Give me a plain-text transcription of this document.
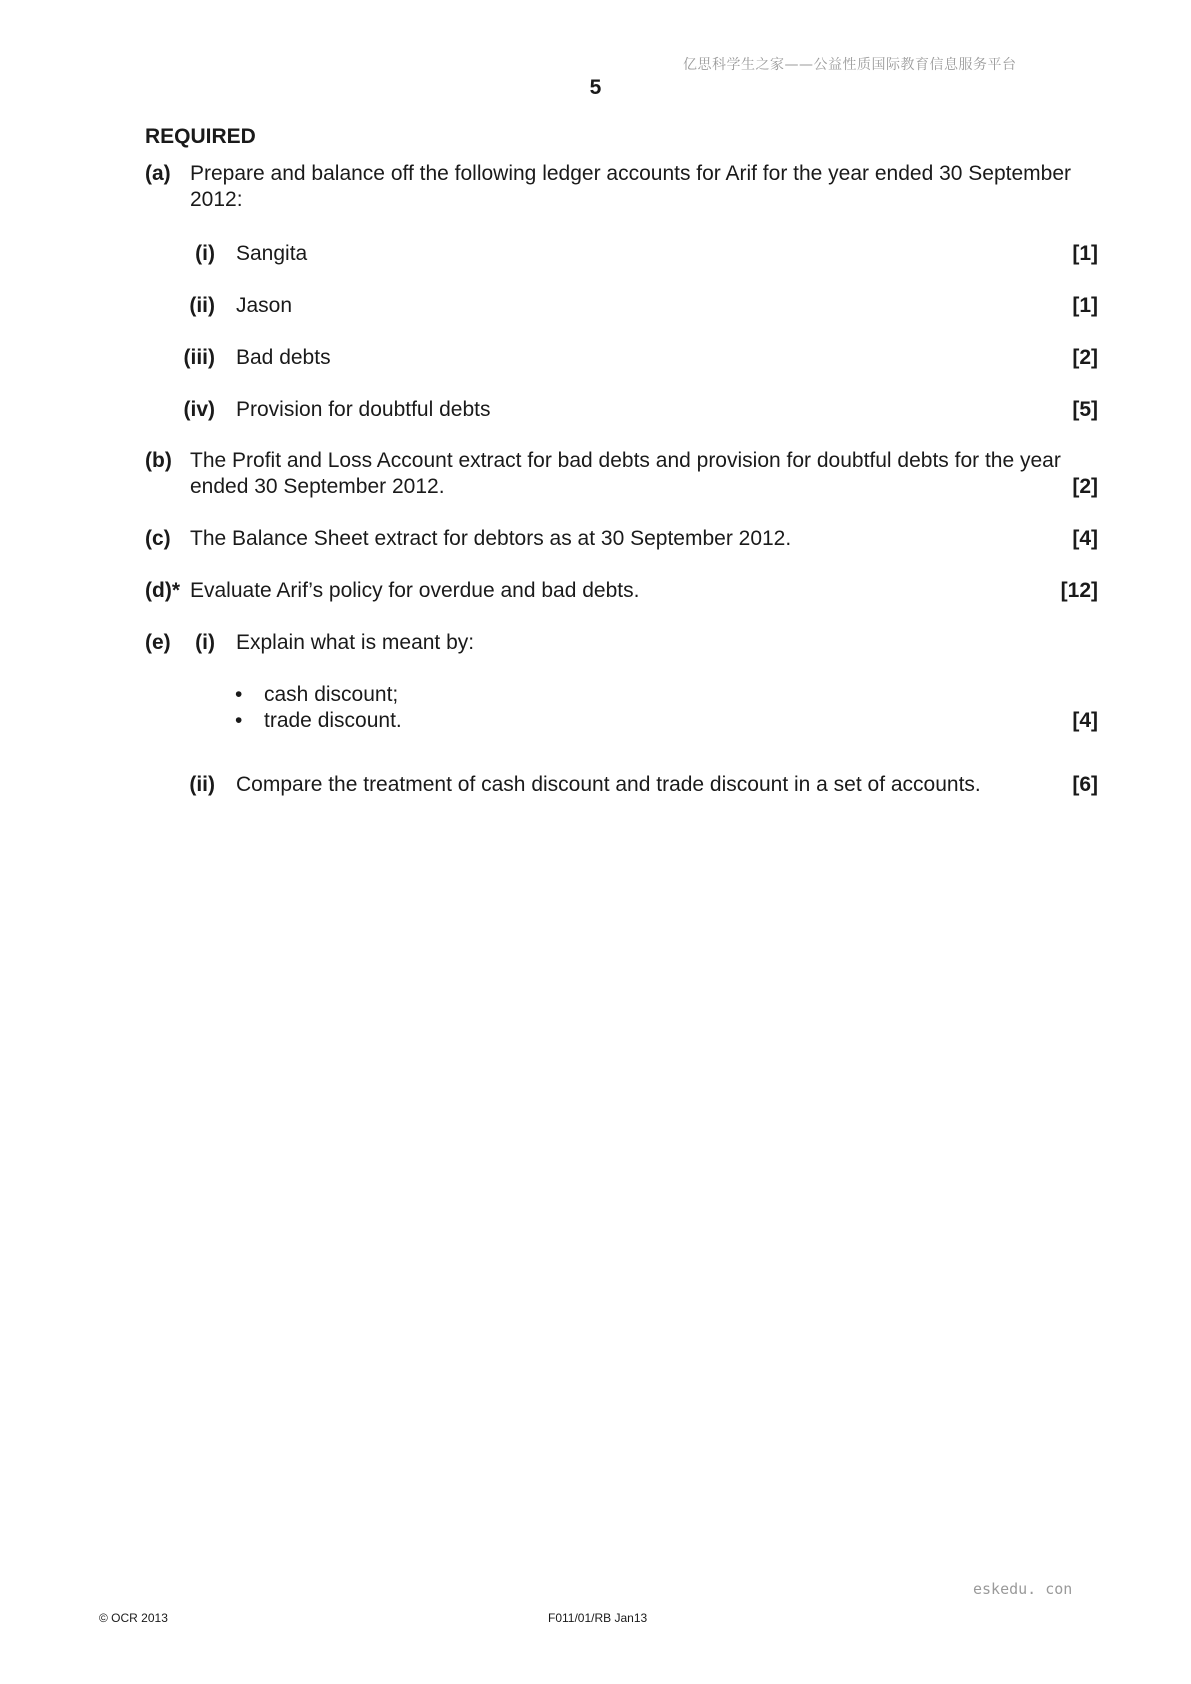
亿思科学生之家——公益性质国际教育信息服务平台
5
REQUIRED
(a) Prepare and balance off the following ledger accounts for Arif for the year ended 30 September 2012:
(i) Sangita	[1]
(ii) Jason	[1]
(iii) Bad debts	[2]
(iv) Provision for doubtful debts	[5]
(b) The Profit and Loss Account extract for bad debts and provision for doubtful debts for the year
ended 30 September 2012.	[2]
(c) The Balance Sheet extract for debtors as at 30 September 2012.	[4]
(d)* Evaluate Arif’s policy for overdue and bad debts.	[12]
(e)	(i) Explain what is meant by:
• cash discount;
• trade discount.	[4]
(ii) Compare the treatment of cash discount and trade discount in a set of accounts.	[6]
eskedu. con
© OCR 2013	F011/01/RB Jan13
